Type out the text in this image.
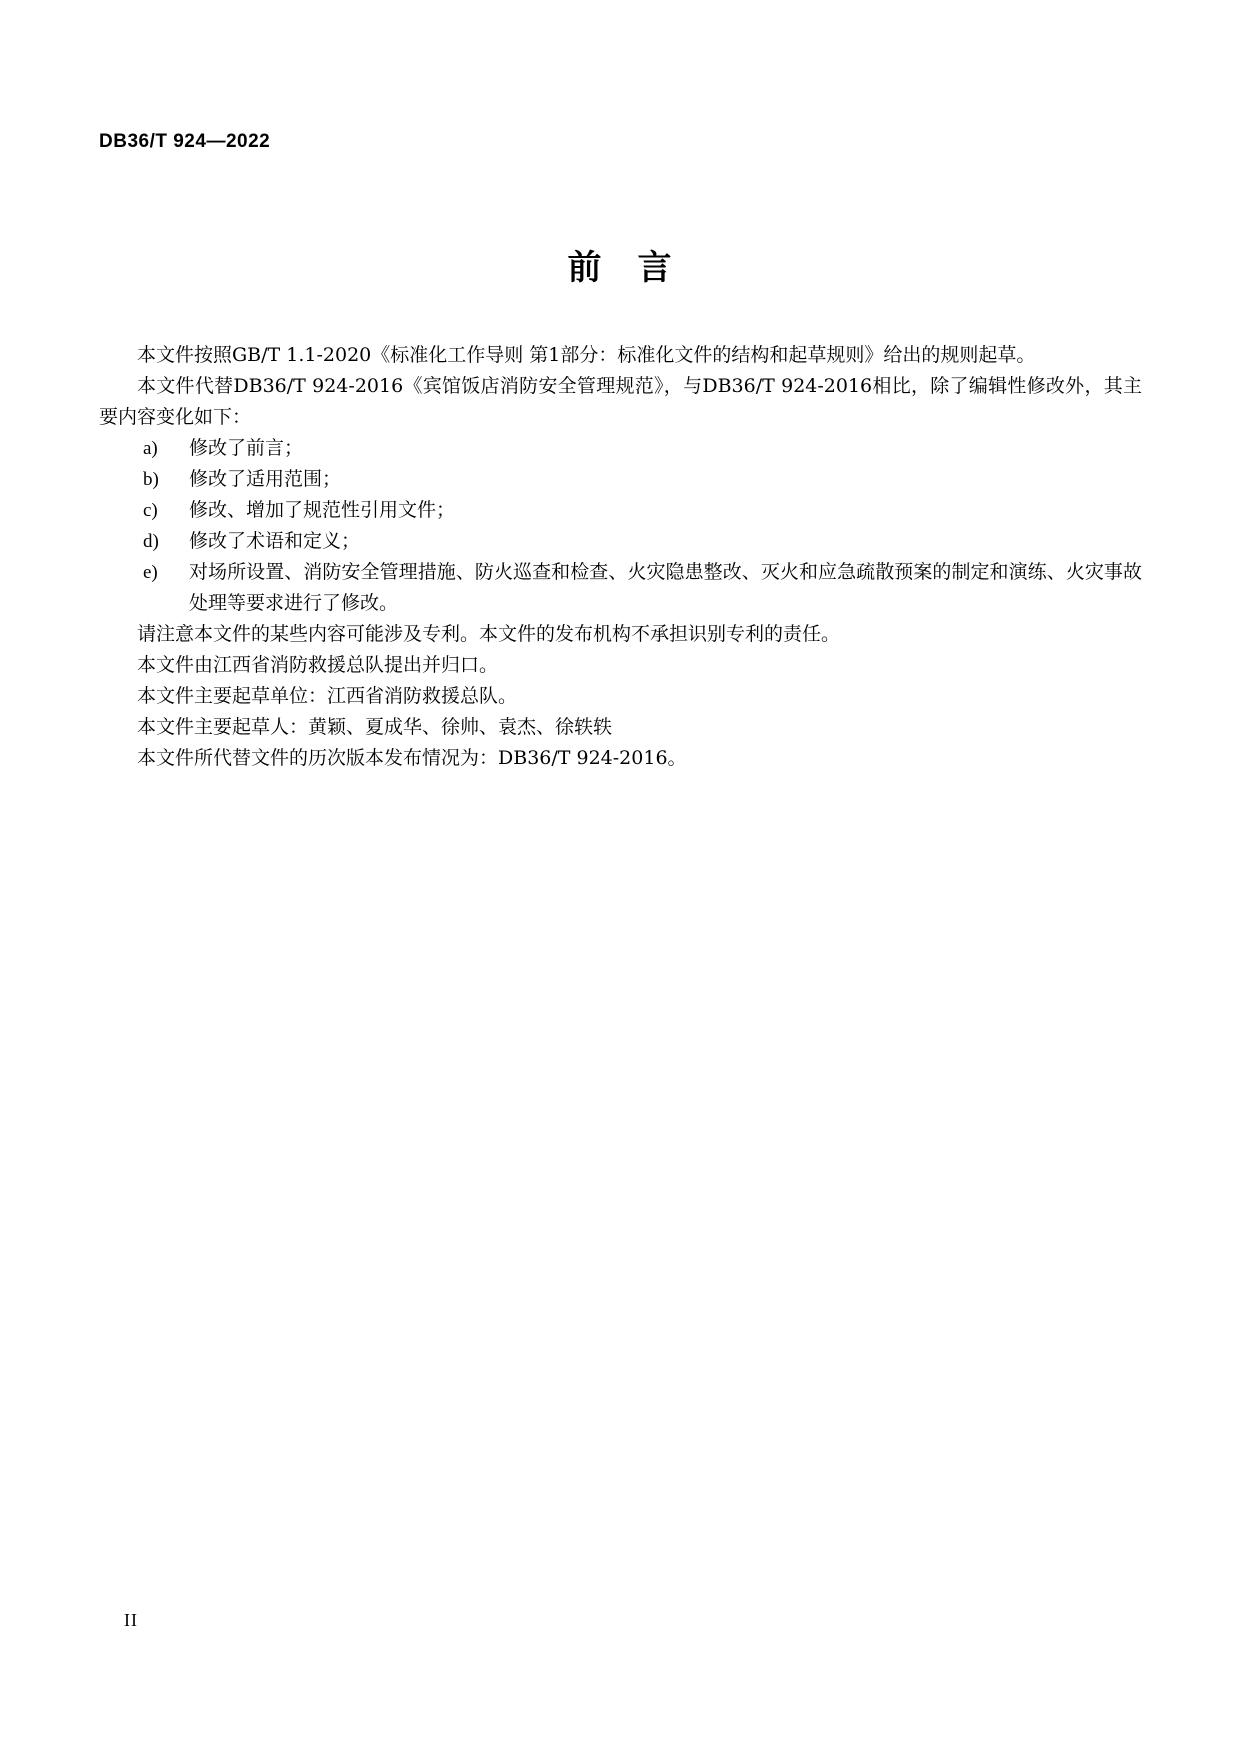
DB36/T 924—2022
前 言

本文件按照GB/T 1.1-2020《标准化工作导则 第1部分：标准化文件的结构和起草规则》给出的规则起草。

本文件代替DB36/T 924-2016《宾馆饭店消防安全管理规范》，与DB36/T 924-2016相比，除了编辑性修改外，其主要内容变化如下：

a)	修改了前言；
b)	修改了适用范围；
c)	修改、增加了规范性引用文件；
d)	修改了术语和定义；
e)	对场所设置、消防安全管理措施、防火巡查和检查、火灾隐患整改、灭火和应急疏散预案的制定和演练、火灾事故处理等要求进行了修改。

请注意本文件的某些内容可能涉及专利。本文件的发布机构不承担识别专利的责任。

本文件由江西省消防救援总队提出并归口。

本文件主要起草单位：江西省消防救援总队。

本文件主要起草人：黄颖、夏成华、徐帅、袁杰、徐轶轶

本文件所代替文件的历次版本发布情况为：DB36/T 924-2016。

II
